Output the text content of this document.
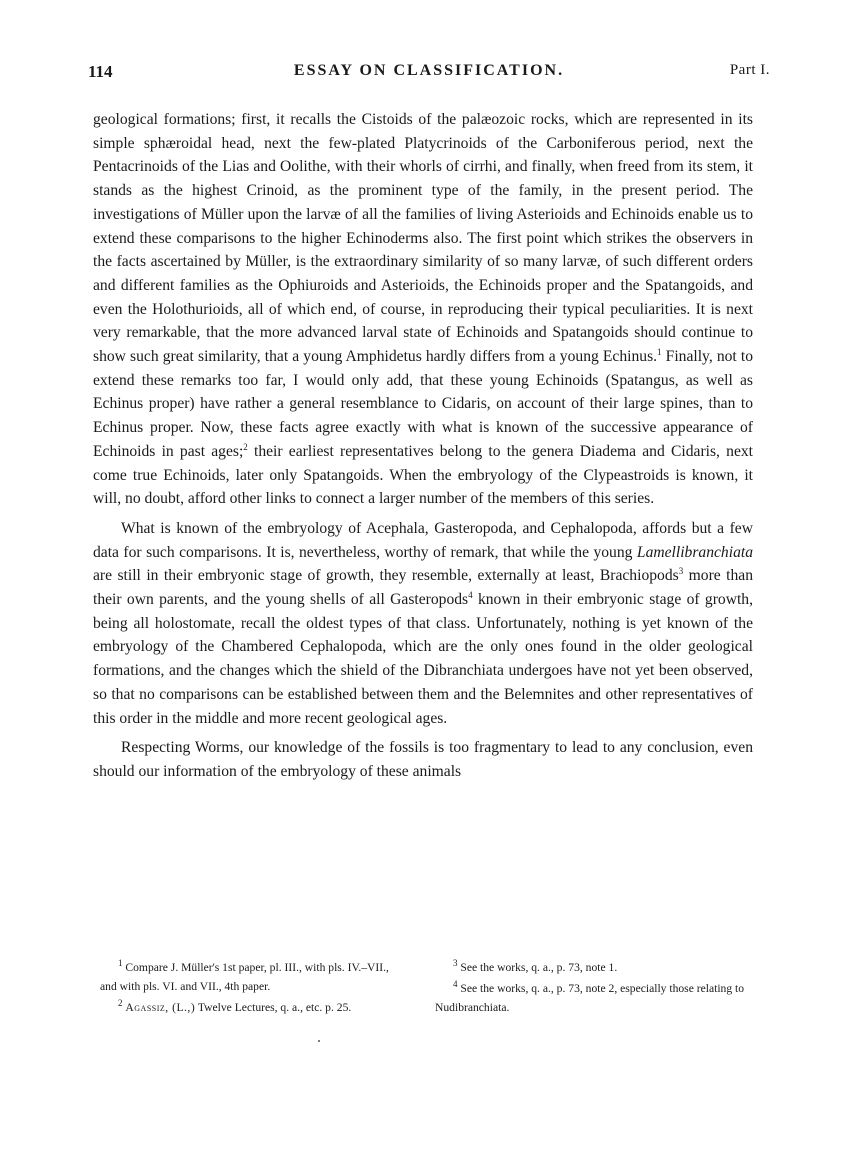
114	ESSAY ON CLASSIFICATION.	Part I.

geological formations; first, it recalls the Cistoids of the palæozoic rocks, which are represented in its simple sphæroidal head, next the few-plated Platycrinoids of the Carboniferous period, next the Pentacrinoids of the Lias and Oolithe, with their whorls of cirrhi, and finally, when freed from its stem, it stands as the highest Crinoid, as the prominent type of the family, in the present period. The investigations of Müller upon the larvæ of all the families of living Asterioids and Echinoids enable us to extend these comparisons to the higher Echinoderms also. The first point which strikes the observers in the facts ascertained by Müller, is the extraordinary similarity of so many larvæ, of such different orders and different families as the Ophiuroids and Asterioids, the Echinoids proper and the Spatangoids, and even the Holothurioids, all of which end, of course, in reproducing their typical peculiarities. It is next very remarkable, that the more advanced larval state of Echinoids and Spatangoids should continue to show such great similarity, that a young Amphidetus hardly differs from a young Echinus.$^1$ Finally, not to extend these remarks too far, I would only add, that these young Echinoids (Spatangus, as well as Echinus proper) have rather a general resemblance to Cidaris, on account of their large spines, than to Echinus proper. Now, these facts agree exactly with what is known of the successive appearance of Echinoids in past ages;$^2$ their earliest representatives belong to the genera Diadema and Cidaris, next come true Echinoids, later only Spatangoids. When the embryology of the Clypeastroids is known, it will, no doubt, afford other links to connect a larger number of the members of this series.

What is known of the embryology of Acephala, Gasteropoda, and Cephalopoda, affords but a few data for such comparisons. It is, nevertheless, worthy of remark, that while the young Lamellibranchiata are still in their embryonic stage of growth, they resemble, externally at least, Brachiopods$^3$ more than their own parents, and the young shells of all Gasteropods$^4$ known in their embryonic stage of growth, being all holostomate, recall the oldest types of that class. Unfortunately, nothing is yet known of the embryology of the Chambered Cephalopoda, which are the only ones found in the older geological formations, and the changes which the shield of the Dibranchiata undergoes have not yet been observed, so that no comparisons can be established between them and the Belemnites and other representatives of this order in the middle and more recent geological ages.

Respecting Worms, our knowledge of the fossils is too fragmentary to lead to any conclusion, even should our information of the embryology of these animals

$^1$ Compare J. Müller's 1st paper, pl. III., with pls. IV.–VII., and with pls. VI. and VII., 4th paper.

$^2$ Agassiz, (L.,) Twelve Lectures, q. a., etc. p. 25.

$^3$ See the works, q. a., p. 73, note 1.

$^4$ See the works, q. a., p. 73, note 2, especially those relating to Nudibranchiata.
